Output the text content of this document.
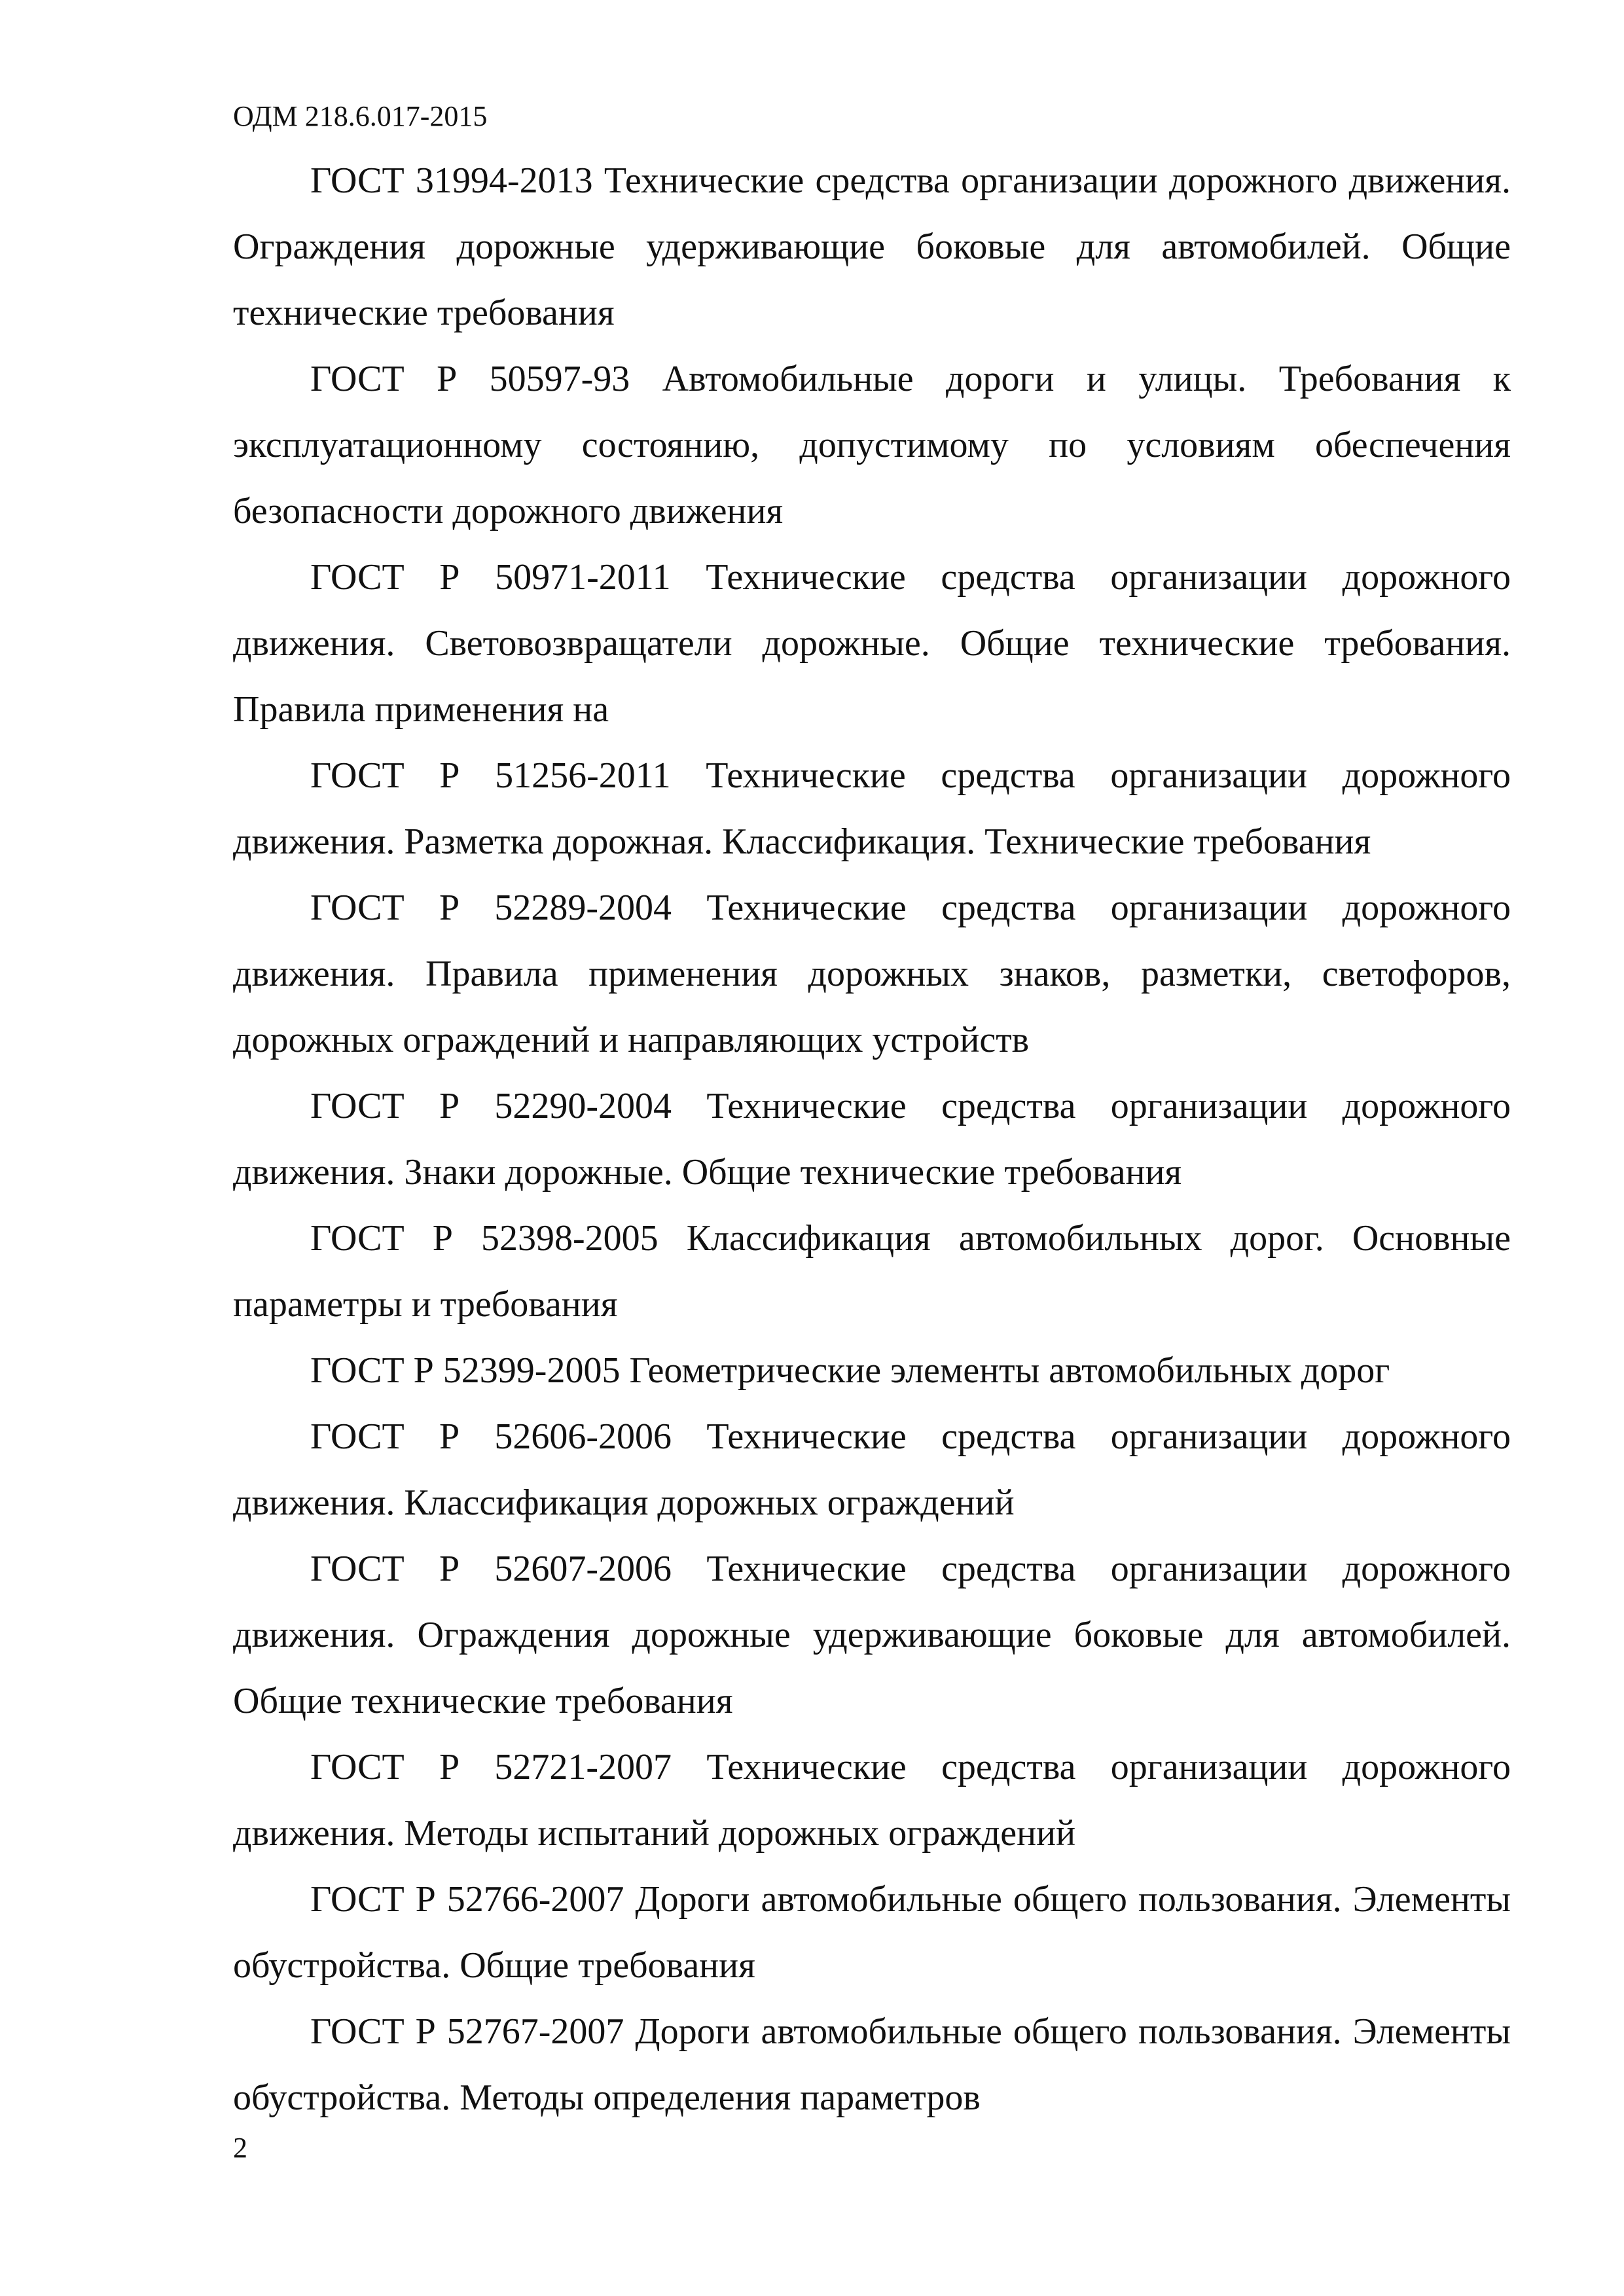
ОДМ 218.6.017-2015

ГОСТ 31994-2013 Технические средства организации дорожного движения. Ограждения дорожные удерживающие боковые для автомобилей. Общие технические требования

ГОСТ Р 50597-93 Автомобильные дороги и улицы. Требования к эксплуатационному состоянию, допустимому по условиям обеспечения безопасности дорожного движения

ГОСТ Р 50971-2011 Технические средства организации дорожного движения. Световозвращатели дорожные. Общие технические требования. Правила применения на

ГОСТ Р 51256-2011 Технические средства организации дорожного движения. Разметка дорожная. Классификация. Технические требования

ГОСТ Р 52289-2004 Технические средства организации дорожного движения. Правила применения дорожных знаков, разметки, светофоров, дорожных ограждений и направляющих устройств

ГОСТ Р 52290-2004 Технические средства организации дорожного движения. Знаки дорожные. Общие технические требования

ГОСТ Р 52398-2005 Классификация автомобильных дорог. Основные параметры и требования

ГОСТ Р 52399-2005 Геометрические элементы автомобильных дорог

ГОСТ Р 52606-2006 Технические средства организации дорожного движения. Классификация дорожных ограждений

ГОСТ Р 52607-2006 Технические средства организации дорожного движения. Ограждения дорожные удерживающие боковые для автомобилей. Общие технические требования

ГОСТ Р 52721-2007 Технические средства организации дорожного движения. Методы испытаний дорожных ограждений

ГОСТ Р 52766-2007 Дороги автомобильные общего пользования. Элементы обустройства. Общие требования

ГОСТ Р 52767-2007 Дороги автомобильные общего пользования. Элементы обустройства. Методы определения параметров

2
